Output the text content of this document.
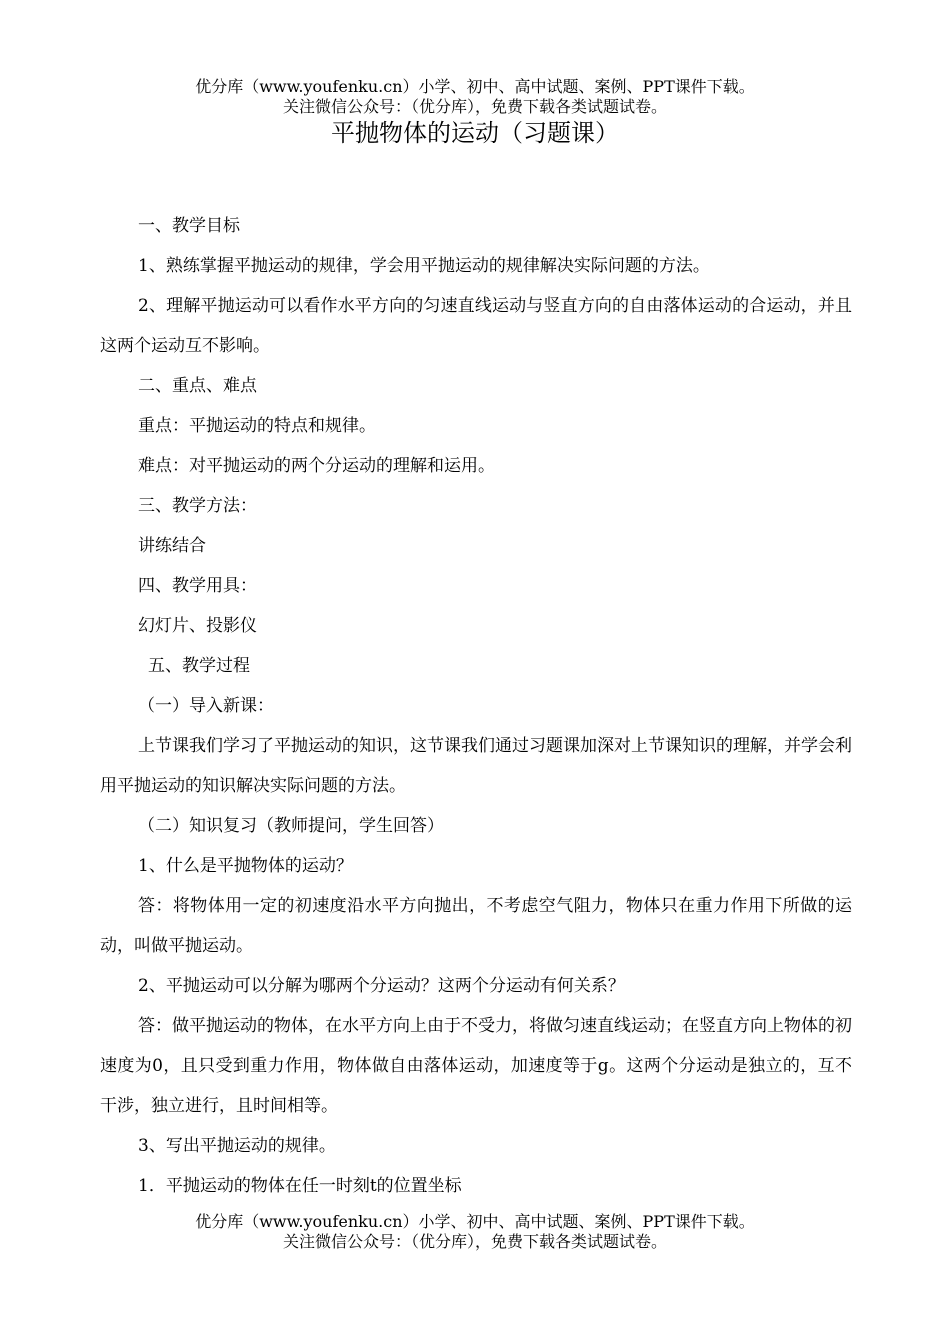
优分库（www.youfenku.cn）小学、初中、高中试题、案例、PPT课件下载。
关注微信公众号：（优分库），免费下载各类试题试卷。
平抛物体的运动（习题课）

一、教学目标

1、熟练掌握平抛运动的规律，学会用平抛运动的规律解决实际问题的方法。

2、理解平抛运动可以看作水平方向的匀速直线运动与竖直方向的自由落体运动的合运动，并且这两个运动互不影响。

二、重点、难点

重点：平抛运动的特点和规律。

难点：对平抛运动的两个分运动的理解和运用。

三、教学方法：

讲练结合

四、教学用具：

幻灯片、投影仪

五、教学过程

（一）导入新课：

上节课我们学习了平抛运动的知识，这节课我们通过习题课加深对上节课知识的理解，并学会利用平抛运动的知识解决实际问题的方法。

（二）知识复习（教师提问，学生回答）

1、什么是平抛物体的运动？

答：将物体用一定的初速度沿水平方向抛出，不考虑空气阻力，物体只在重力作用下所做的运动，叫做平抛运动。

2、平抛运动可以分解为哪两个分运动？这两个分运动有何关系？

答：做平抛运动的物体，在水平方向上由于不受力，将做匀速直线运动；在竖直方向上物体的初速度为0，且只受到重力作用，物体做自由落体运动，加速度等于g。这两个分运动是独立的，互不干涉，独立进行，且时间相等。

3、写出平抛运动的规律。

1．平抛运动的物体在任一时刻t的位置坐标

优分库（www.youfenku.cn）小学、初中、高中试题、案例、PPT课件下载。
关注微信公众号：（优分库），免费下载各类试题试卷。
